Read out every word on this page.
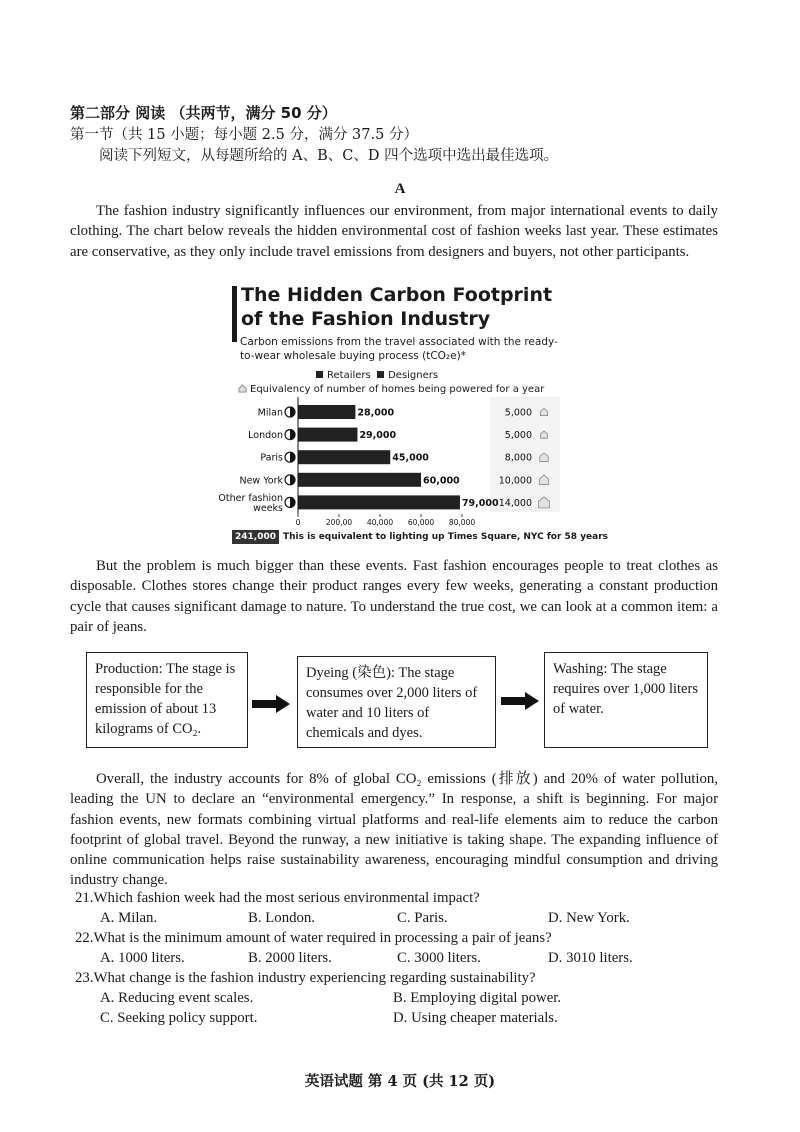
第二部分 阅读 （共两节，满分 50 分）
第一节（共 15 小题；每小题 2.5 分，满分 37.5 分）
阅读下列短文，从每题所给的 A、B、C、D 四个选项中选出最佳选项。
A

The fashion industry significantly influences our environment, from major international events to daily clothing. The chart below reveals the hidden environmental cost of fashion weeks last year. These estimates are conservative, as they only include travel emissions from designers and buyers, not other participants.

The Hidden Carbon Footprint of the Fashion Industry
Carbon emissions from the travel associated with the ready-to-wear wholesale buying process (tCO₂e)*
Retailers Designers
Equivalency of number of homes being powered for a year
Milan	28,000	5,000
London	29,000	5,000
Paris	45,000	8,000
New York	60,000	10,000
Other fashion
weeks	79,000 14,000
0	200,00 40,000 60,000 80,000
241,000 This is equivalent to lighting up Times Square, NYC for 58 years

But the problem is much bigger than these events. Fast fashion encourages people to treat clothes as disposable. Clothes stores change their product ranges every few weeks, generating a constant production cycle that causes significant damage to nature. To understand the true cost, we can look at a common item: a pair of jeans.

Production: The stage is responsible for the emission of about 13 kilograms of CO₂.
Dyeing (染色): The stage consumes over 2,000 liters of water and 10 liters of chemicals and dyes.
Washing: The stage requires over 1,000 liters of water.

Overall, the industry accounts for 8% of global CO₂ emissions (排放) and 20% of water pollution, leading the UN to declare an “environmental emergency.” In response, a shift is beginning. For major fashion events, new formats combining virtual platforms and real-life elements aim to reduce the carbon footprint of global travel. Beyond the runway, a new initiative is taking shape. The expanding influence of online communication helps raise sustainability awareness, encouraging mindful consumption and driving industry change.

21.Which fashion week had the most serious environmental impact?
A. Milan.	B. London.	C. Paris.	D. New York.
22.What is the minimum amount of water required in processing a pair of jeans?
A. 1000 liters.	B. 2000 liters.	C. 3000 liters.	D. 3010 liters.
23.What change is the fashion industry experiencing regarding sustainability?
A. Reducing event scales.	B. Employing digital power.
C. Seeking policy support.	D. Using cheaper materials.
英语试题 第 4 页 (共 12 页)
